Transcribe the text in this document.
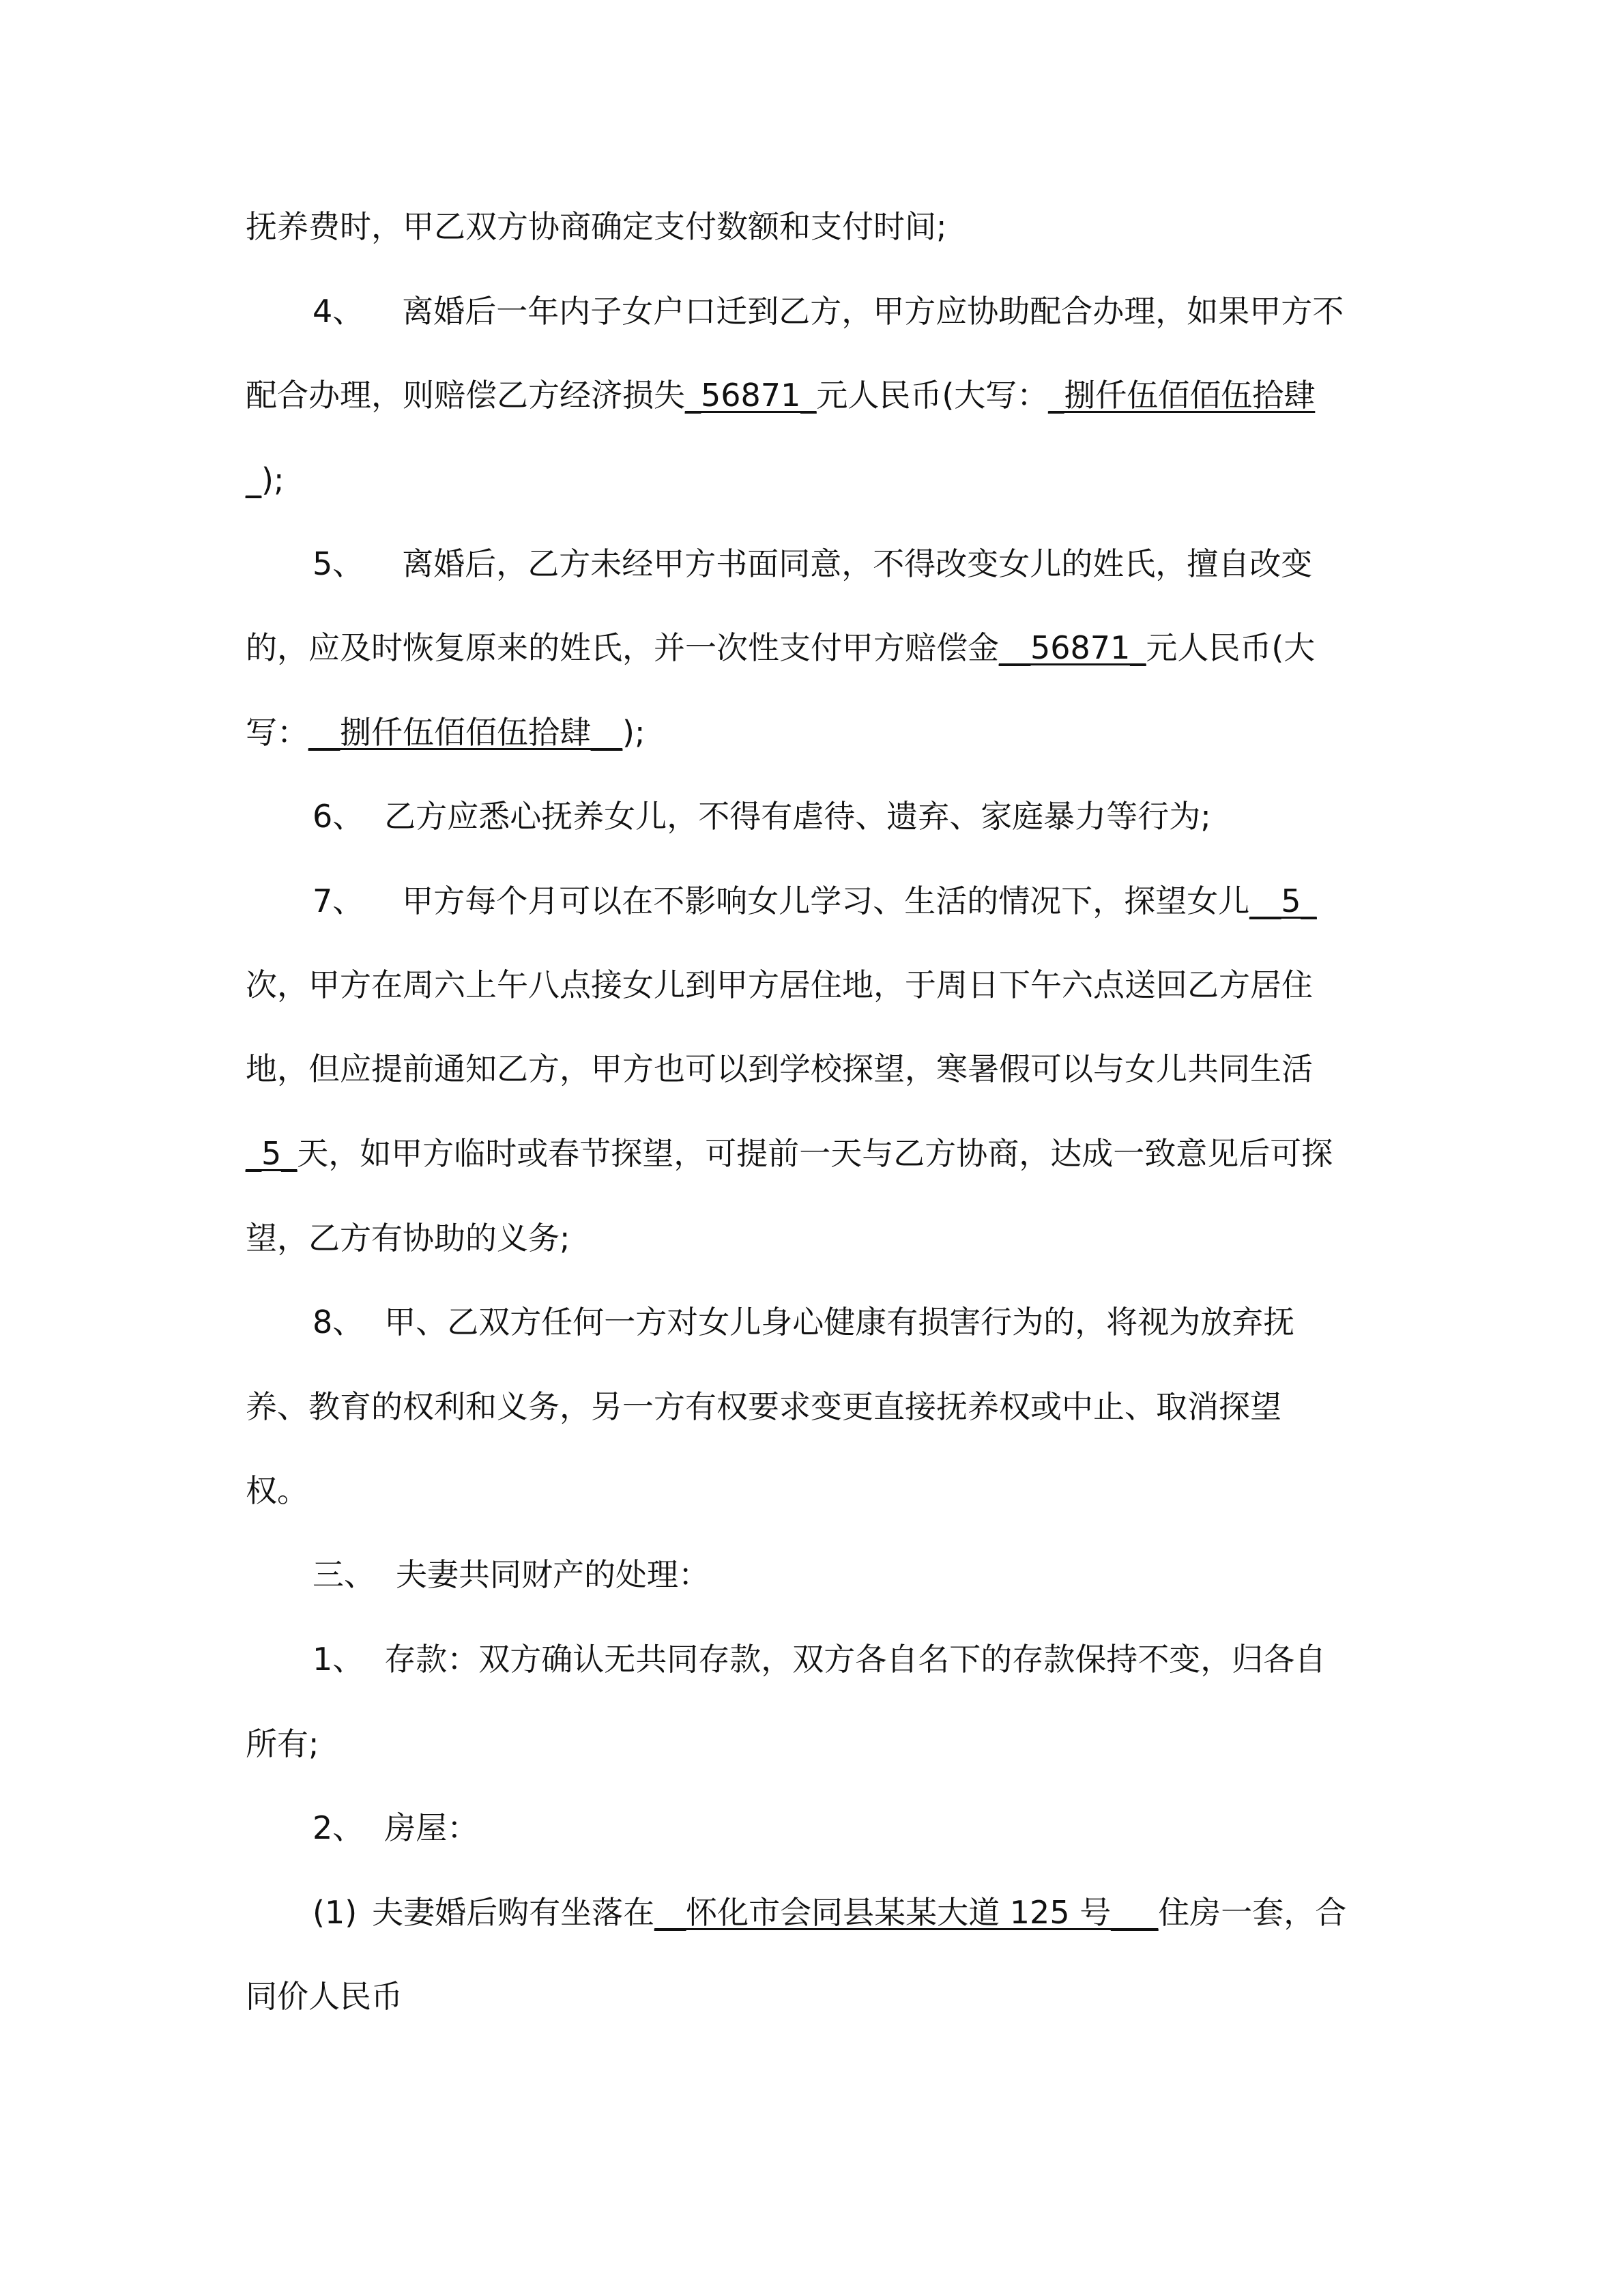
抚养费时，甲乙双方协商确定支付数额和支付时间;

4、 离婚后一年内子女户口迁到乙方，甲方应协助配合办理，如果甲方不

配合办理，则赔偿乙方经济损失_56871_元人民币(大写：_捌仟伍佰佰伍拾肆

_);

5、 离婚后，乙方未经甲方书面同意，不得改变女儿的姓氏，擅自改变

的，应及时恢复原来的姓氏，并一次性支付甲方赔偿金__56871_元人民币(大

写：__捌仟伍佰佰伍拾肆__);

6、 乙方应悉心抚养女儿，不得有虐待、遗弃、家庭暴力等行为;

7、 甲方每个月可以在不影响女儿学习、生活的情况下，探望女儿__5_

次，甲方在周六上午八点接女儿到甲方居住地，于周日下午六点送回乙方居住

地，但应提前通知乙方，甲方也可以到学校探望，寒暑假可以与女儿共同生活

_5_天，如甲方临时或春节探望，可提前一天与乙方协商，达成一致意见后可探

望，乙方有协助的义务;

8、 甲、乙双方任何一方对女儿身心健康有损害行为的，将视为放弃抚

养、教育的权利和义务，另一方有权要求变更直接抚养权或中止、取消探望

权。

三、 夫妻共同财产的处理：

1、 存款：双方确认无共同存款，双方各自名下的存款保持不变，归各自

所有;

2、 房屋：

(1) 夫妻婚后购有坐落在__怀化市会同县某某大道 125 号___住房一套，合

同价人民币
